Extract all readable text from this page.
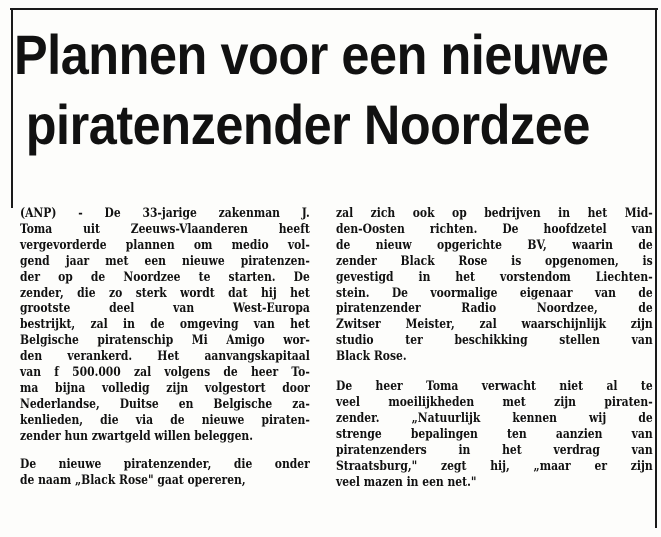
Plannen voor een nieuwe
piratenzender Noordzee

(ANP) - De 33-jarige zakenman J.
Toma uit Zeeuws-Vlaanderen heeft
vergevorderde plannen om medio vol-
gend jaar met een nieuwe piratenzen-
der op de Noordzee te starten. De
zender, die zo sterk wordt dat hij het
grootste deel van West-Europa
bestrijkt, zal in de omgeving van het
Belgische piratenschip Mi Amigo wor-
den verankerd. Het aanvangskapitaal
van f 500.000 zal volgens de heer To-
ma bijna volledig zijn volgestort door
Nederlandse, Duitse en Belgische za-
kenlieden, die via de nieuwe piraten-
zender hun zwartgeld willen beleggen.

De nieuwe piratenzender, die onder
de naam „Black Rose" gaat opereren,

zal zich ook op bedrijven in het Mid-
den-Oosten richten. De hoofdzetel van
de nieuw opgerichte BV, waarin de
zender Black Rose is opgenomen, is
gevestigd in het vorstendom Liechten-
stein. De voormalige eigenaar van de
piratenzender Radio Noordzee, de
Zwitser Meister, zal waarschijnlijk zijn
studio ter beschikking stellen van
Black Rose.

De heer Toma verwacht niet al te
veel moeilijkheden met zijn piraten-
zender. „Natuurlijk kennen wij de
strenge bepalingen ten aanzien van
piratenzenders in het verdrag van
Straatsburg," zegt hij, „maar er zijn
veel mazen in een net."
